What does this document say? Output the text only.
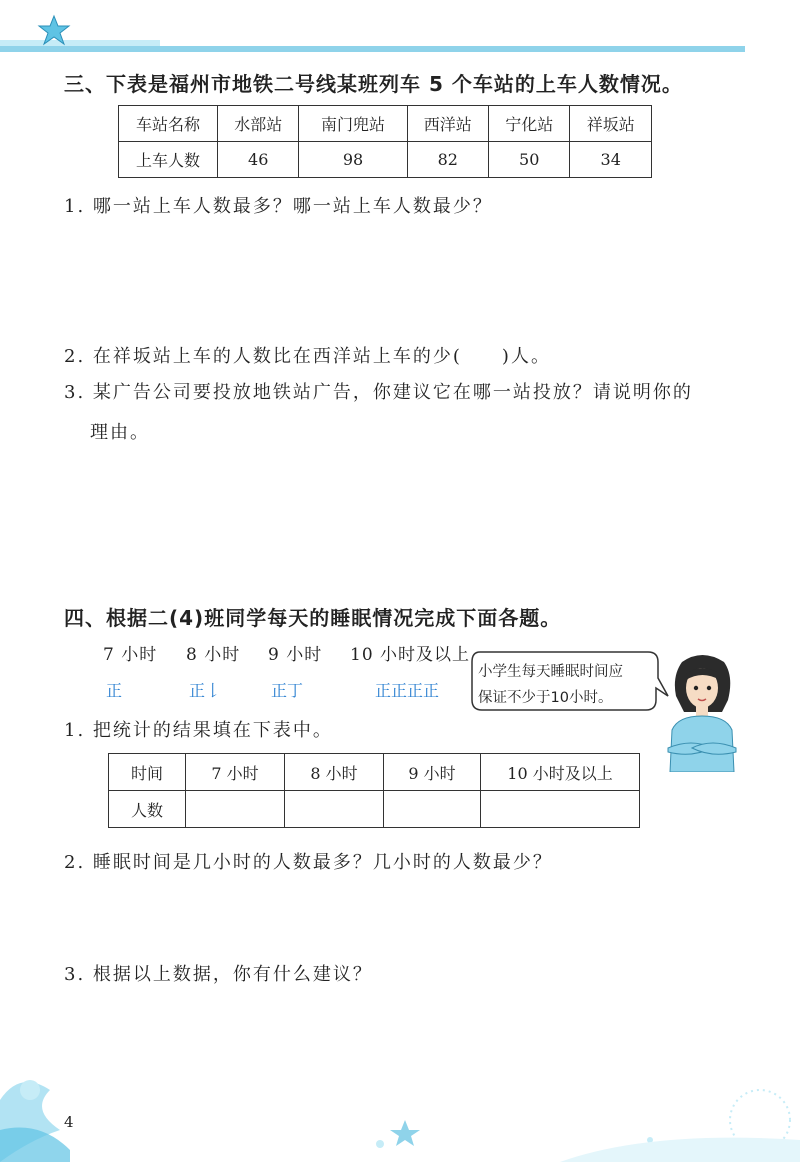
三、下表是福州市地铁二号线某班列车 5 个车站的上车人数情况。
车站名称	水部站	南门兜站	西洋站	宁化站	祥坂站
上车人数	46	98	82	50	34
1. 哪一站上车人数最多？哪一站上车人数最少？
2. 在祥坂站上车的人数比在西洋站上车的少(　　)人。
3. 某广告公司要投放地铁站广告，你建议它在哪一站投放？请说明你的
理由。
四、根据二(4)班同学每天的睡眠情况完成下面各题。
7 小时 8 小时 9 小时 10 小时及以上
正	正𠄌	正丁	正正正正
小学生每天睡眠时间应
保证不少于10小时。
1. 把统计的结果填在下表中。
时间	7 小时	8 小时	9 小时	10 小时及以上
人数				
2. 睡眠时间是几小时的人数最多？几小时的人数最少？
3. 根据以上数据，你有什么建议？
4
